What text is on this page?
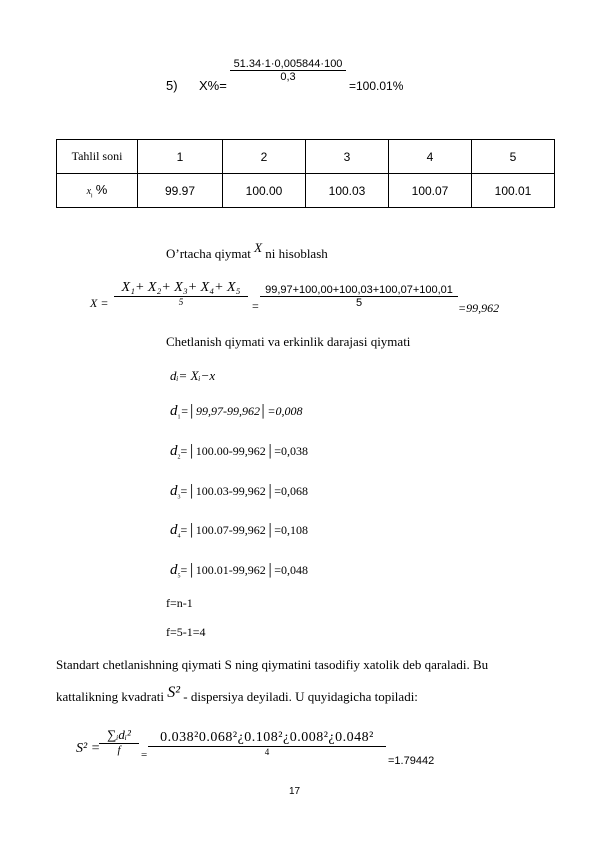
5) X%=
51.34·1·0,005844·100
0,3
=100.01%
Tahlil soni	1	2	3	4	5
$x_i$ %	99.97	100.00	100.03	100.07	100.01
O’rtacha qiymat X ni hisoblash
X =
X₁+ X₂+ X₃+ X₄+ X₅
5	=
99,97+100,00+100,03+100,07+100,01
5	=99,962
Chetlanish qiymati va erkinlik darajasi qiymati
dᵢ= Xᵢ−x
$d_1=│99,97-99,962│=0,008$
$d_2=│100.00-99,962│=0,038$
$d_3=│100.03-99,962│=0,068$
$d_4=│100.07-99,962│=0,108$
$d_5=│100.01-99,962│=0,048$
f=n-1
f=5-1=4
Standart chetlanishning qiymati S ning qiymatini tasodifiy xatolik deb qaraladi. Bu
kattalikning kvadrati S² - dispersiya deyiladi. U quyidagicha topiladi:
S² =
∑ᵢdᵢ²
f =
0.038²0.068²¿0.108²¿0.008²¿0.048²
4
=1.79442
17
